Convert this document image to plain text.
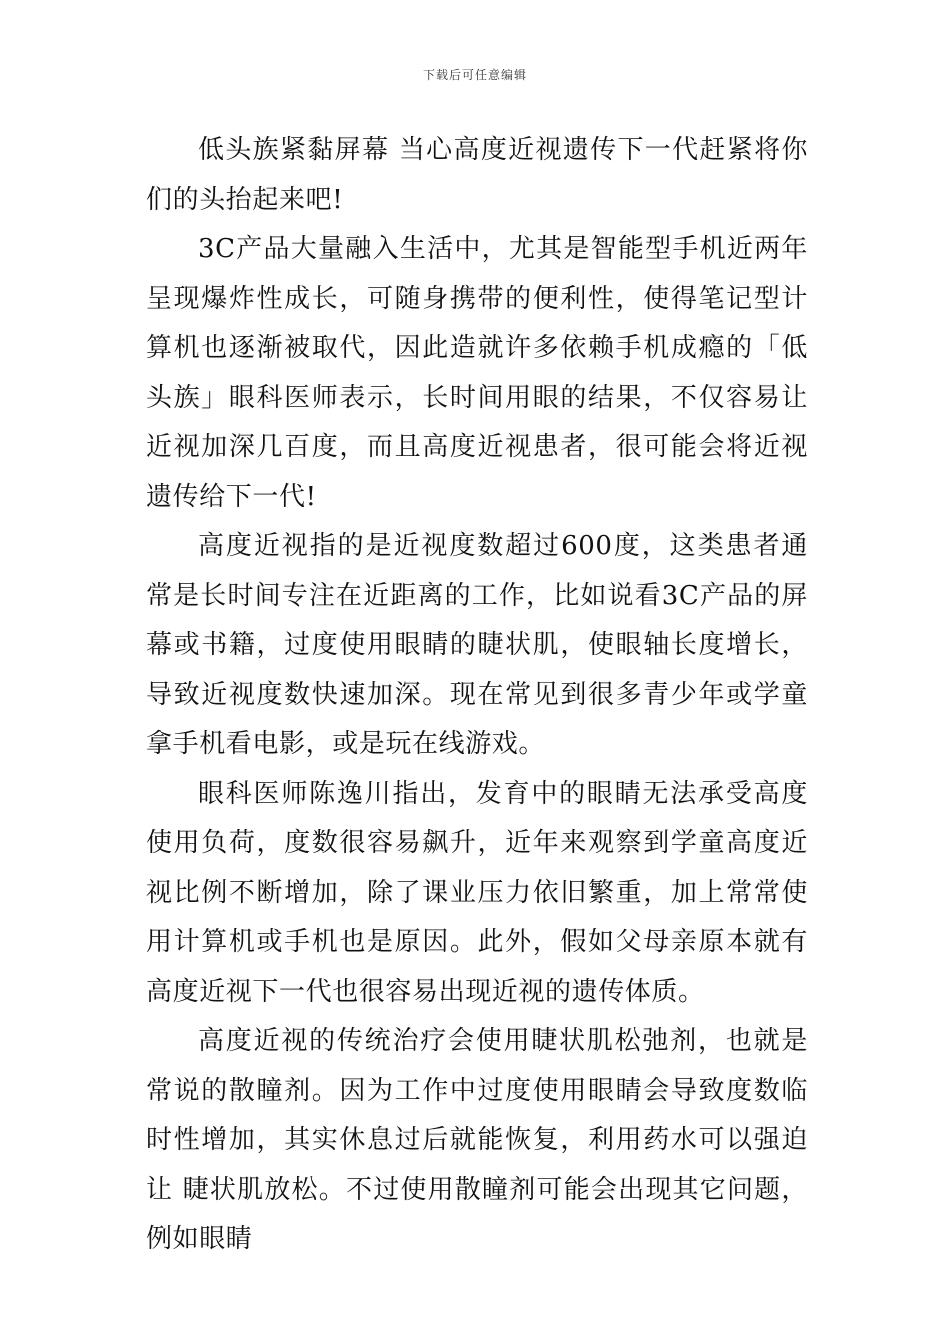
下载后可任意编辑

低头族紧黏屏幕 当心高度近视遗传下一代赶紧将你们的头抬起来吧!

3C产品大量融入生活中，尤其是智能型手机近两年呈现爆炸性成长，可随身携带的便利性，使得笔记型计算机也逐渐被取代，因此造就许多依赖手机成瘾的「低头族」眼科医师表示，长时间用眼的结果，不仅容易让近视加深几百度，而且高度近视患者，很可能会将近视遗传给下一代!

高度近视指的是近视度数超过600度，这类患者通常是长时间专注在近距离的工作，比如说看3C产品的屏幕或书籍，过度使用眼睛的睫状肌，使眼轴长度增长，导致近视度数快速加深。现在常见到很多青少年或学童拿手机看电影，或是玩在线游戏。

眼科医师陈逸川指出，发育中的眼睛无法承受高度使用负荷，度数很容易飙升，近年来观察到学童高度近视比例不断增加，除了课业压力依旧繁重，加上常常使用计算机或手机也是原因。此外，假如父母亲原本就有高度近视下一代也很容易出现近视的遗传体质。

高度近视的传统治疗会使用睫状肌松弛剂，也就是常说的散瞳剂。因为工作中过度使用眼睛会导致度数临时性增加，其实休息过后就能恢复，利用药水可以强迫让 睫状肌放松。不过使用散瞳剂可能会出现其它问题，例如眼睛
